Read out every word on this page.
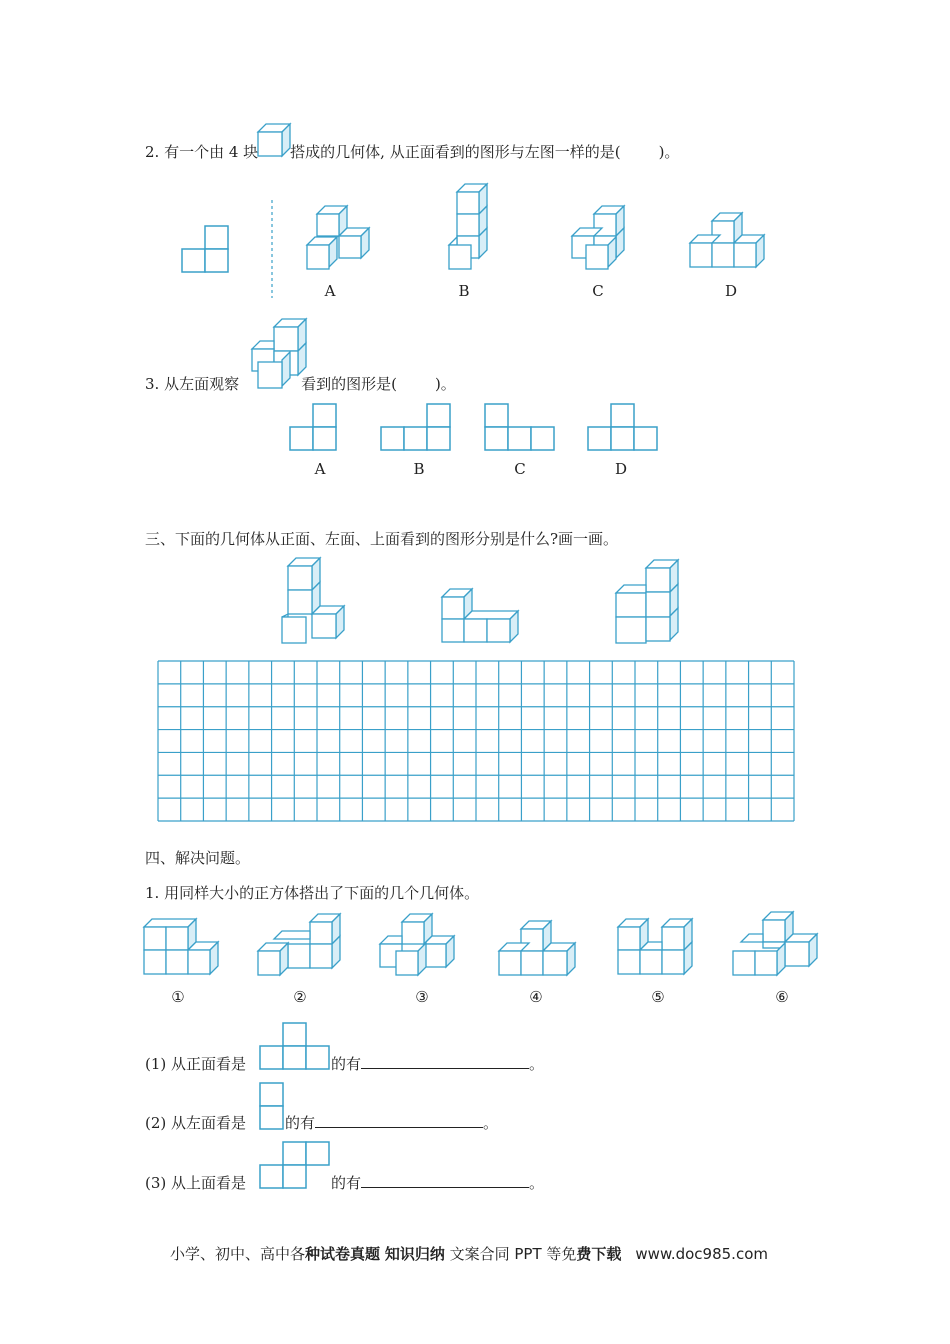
2. 有一个由 4 块 搭成的几何体, 从正面看到的图形与左图一样的是(	)。
A	B	C	D
3. 从左面观察	看到的图形是(	)。
A	B	C	D
三、下面的几何体从正面、左面、上面看到的图形分别是什么?画一画。
四、解决问题。
1. 用同样大小的正方体搭出了下面的几个几何体。
①	②	③	④	⑤	⑥
(1) 从正面看是	的有	。
(2) 从左面看是	的有	。
(3) 从上面看是	的有	。
小学、初中、高中各种试卷真题 知识归纳 文案合同 PPT 等免费下载 www.doc985.com
